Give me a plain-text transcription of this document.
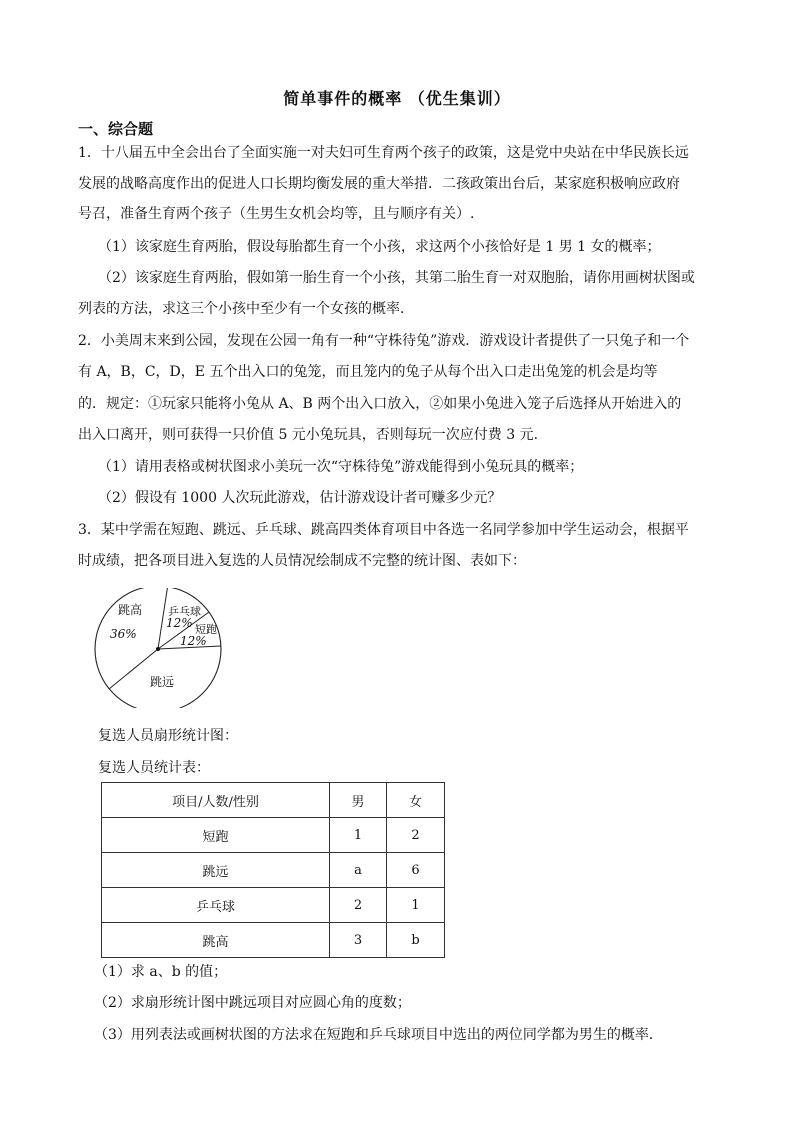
简单事件的概率 （优生集训）
一、综合题
1．十八届五中全会出台了全面实施一对夫妇可生育两个孩子的政策，这是党中央站在中华民族长远
发展的战略高度作出的促进人口长期均衡发展的重大举措．二孩政策出台后，某家庭积极响应政府
号召，准备生育两个孩子（生男生女机会均等，且与顺序有关）.
（1）该家庭生育两胎，假设每胎都生育一个小孩，求这两个小孩恰好是 1 男 1 女的概率；
（2）该家庭生育两胎，假如第一胎生育一个小孩，其第二胎生育一对双胞胎，请你用画树状图或
列表的方法，求这三个小孩中至少有一个女孩的概率．
2．小美周末来到公园，发现在公园一角有一种“守株待兔”游戏．游戏设计者提供了一只兔子和一个
有 A，B，C，D，E 五个出入口的兔笼，而且笼内的兔子从每个出入口走出兔笼的机会是均等
的．规定：①玩家只能将小兔从 A、B 两个出入口放入，②如果小兔进入笼子后选择从开始进入的
出入口离开，则可获得一只价值 5 元小兔玩具，否则每玩一次应付费 3 元．
（1）请用表格或树状图求小美玩一次“守株待兔”游戏能得到小兔玩具的概率；
（2）假设有 1000 人次玩此游戏，估计游戏设计者可赚多少元？
3．某中学需在短跑、跳远、乒乓球、跳高四类体育项目中各选一名同学参加中学生运动会，根据平
时成绩，把各项目进入复选的人员情况绘制成不完整的统计图、表如下：
跳高
36%
乒乓球
12% 短跑
12%
跳远
复选人员扇形统计图：
复选人员统计表：
项目/人数/性别	男	女
短跑	1	2
跳远	a	6
乒乓球	2	1
跳高	3	b
（1）求 a、b 的值；
（2）求扇形统计图中跳远项目对应圆心角的度数；
（3）用列表法或画树状图的方法求在短跑和乒乓球项目中选出的两位同学都为男生的概率．
